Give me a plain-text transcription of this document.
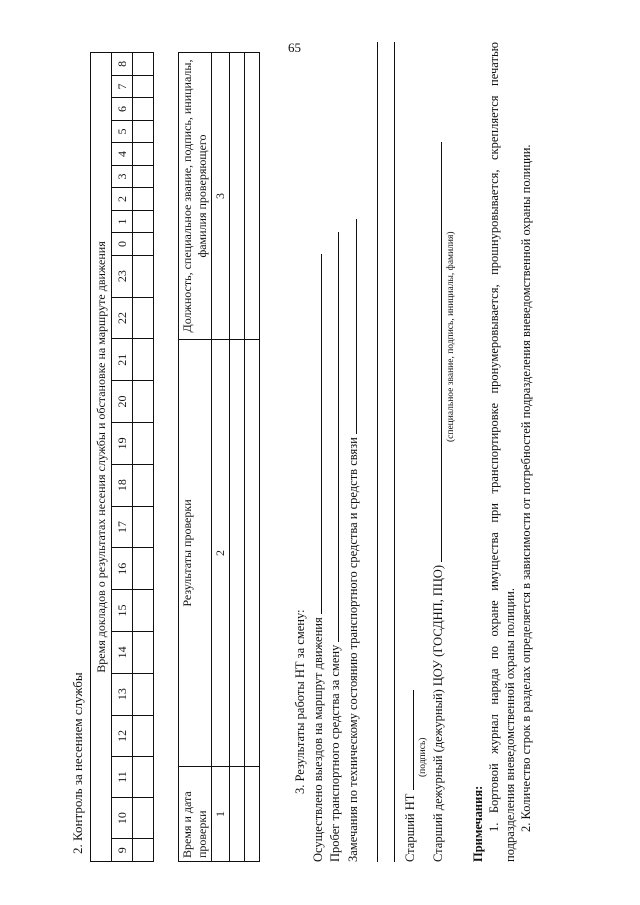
65
2. Контроль за несением службы
Время докладов о результатах несения службы и обстановке на маршруте движения																							
9	10	11	12	13	14	15	16	17	18	19	20	21	22	23	0	1	2	3	4	5	6	7	8

Время и дата проверки	Результаты проверки	Должность, специальное звание, подпись, инициалы, фамилия проверяющего
1	2	3

3. Результаты работы НТ за смену: Осуществлено выездов на маршрут движения Пробег транспортного средства за смену Замечания по техническому состоянию транспортного средства и средств связи	Старший НТ
(подпись) Старший дежурный (дежурный) ЦОУ (ГОСДНП, ПЦО)
(специальное звание, подпись, инициалы, фамилия)
Примечания: 1. Бортовой журнал наряда по охране имущества при транспортировке пронумеровывается, прошнуровывается, скрепляется печатью подразделения вневедомственной охраны полиции. 2. Количество строк в разделах определяется в зависимости от потребностей подразделения вневедомственной охраны полиции.
